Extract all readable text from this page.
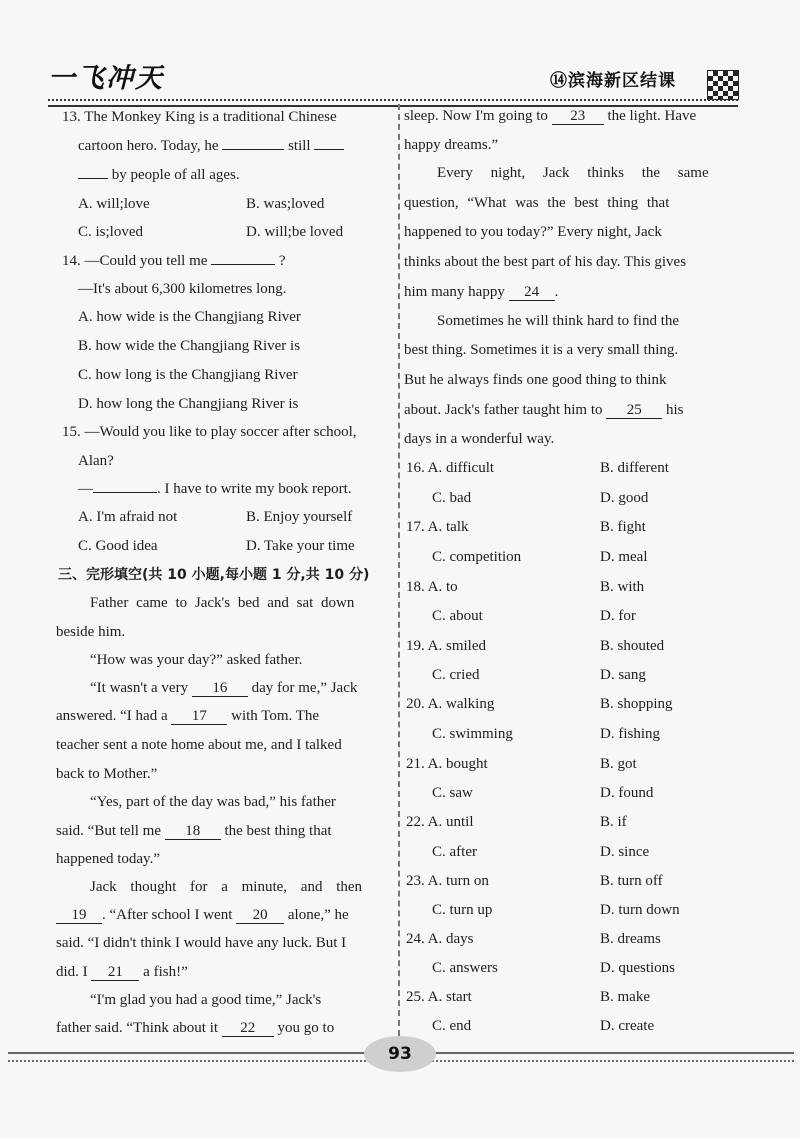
一飞冲天	⑭滨海新区结课
13. The Monkey King is a traditional Chinese
cartoon hero. Today, he	still
by people of all ages.
A. will;love	B. was;loved
C. is;loved	D. will;be loved
14. —Could you tell me	?
—It's about 6,300 kilometres long.
A. how wide is the Changjiang River
B. how wide the Changjiang River is
C. how long is the Changjiang River
D. how long the Changjiang River is
15. —Would you like to play soccer after school,
Alan?
—	. I have to write my book report.
A. I'm afraid not	B. Enjoy yourself
C. Good idea	D. Take your time
三、完形填空(共 10 小题,每小题 1 分,共 10 分)
Father came to Jack's bed and sat down
beside him.
“How was your day?” asked father.
“It wasn't a very 16 day for me,” Jack
answered. “I had a 17 with Tom. The
teacher sent a note home about me, and I talked
back to Mother.”
“Yes, part of the day was bad,” his father
said. “But tell me 18 the best thing that
happened today.”
Jack thought for a minute, and then
19 . “After school I went 20 alone,” he
said. “I didn't think I would have any luck. But I
did. I 21 a fish!”
“I'm glad you had a good time,” Jack's
father said. “Think about it 22 you go to
sleep. Now I'm going to 23 the light. Have
happy dreams.”
Every night, Jack thinks the same
question, “What was the best thing that
happened to you today?” Every night, Jack
thinks about the best part of his day. This gives
him many happy 24 .
Sometimes he will think hard to find the
best thing. Sometimes it is a very small thing.
But he always finds one good thing to think
about. Jack's father taught him to 25 his
days in a wonderful way.
16. A. difficult	B. different
C. bad	D. good
17. A. talk	B. fight
C. competition	D. meal
18. A. to	B. with
C. about	D. for
19. A. smiled	B. shouted
C. cried	D. sang
20. A. walking	B. shopping
C. swimming	D. fishing
21. A. bought	B. got
C. saw	D. found
22. A. until	B. if
C. after	D. since
23. A. turn on	B. turn off
C. turn up	D. turn down
24. A. days	B. dreams
C. answers	D. questions
25. A. start	B. make
C. end	D. create
93
